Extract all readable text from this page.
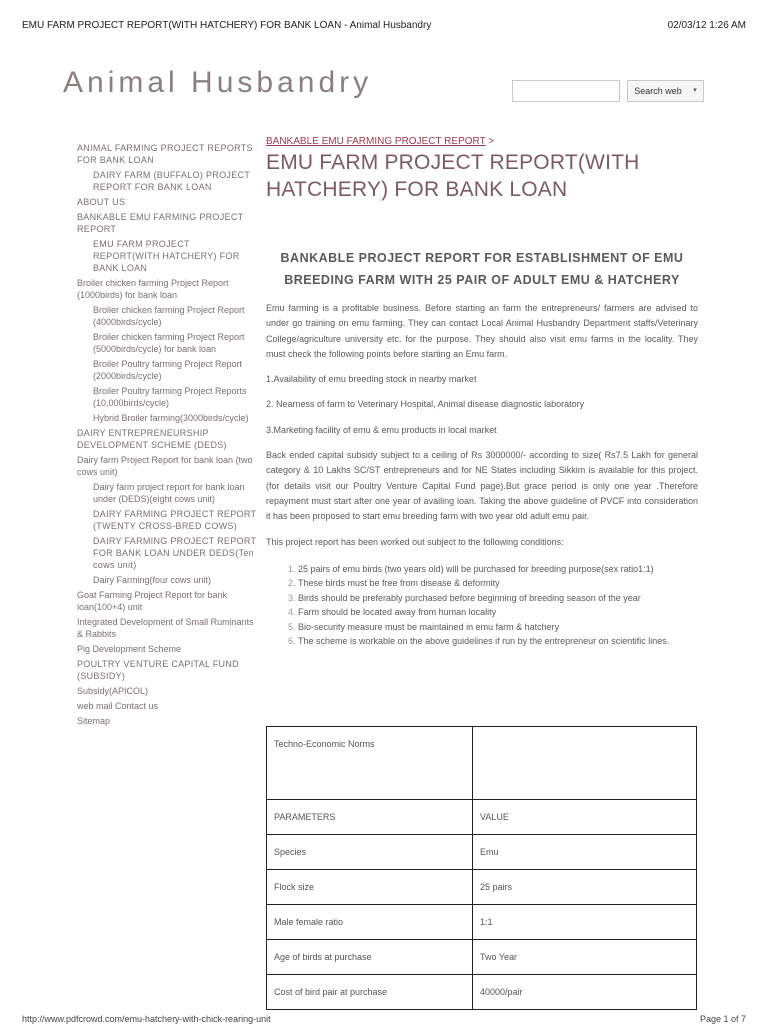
EMU FARM PROJECT REPORT(WITH HATCHERY) FOR BANK LOAN - Animal Husbandry	02/03/12 1:26 AM
Animal Husbandry	Search web	▾
ANIMAL FARMING PROJECT REPORTS FOR BANK LOAN
DAIRY FARM (BUFFALO) PROJECT REPORT FOR BANK LOAN
ABOUT US
BANKABLE EMU FARMING PROJECT REPORT
EMU FARM PROJECT REPORT(WITH HATCHERY) FOR BANK LOAN
Broiler chicken farming Project Report (1000birds) for bank loan
Broiler chicken farming Project Report (4000birds/cycle)
Broiler chicken farming Project Report (5000birds/cycle) for bank loan
Broiler Poultry farming Project Report (2000birds/cycle)
Broiler Poultry farming Project Reports (10,000birds/cycle)
Hybrid Broiler farming(3000birds/cycle)
DAIRY ENTREPRENEURSHIP DEVELOPMENT SCHEME (DEDS)
Dairy farm Project Report for bank loan (two cows unit)
Dairy farm project report for bank loan under (DEDS)(eight cows unit)
DAIRY FARMING PROJECT REPORT (TWENTY CROSS-BRED COWS)
DAIRY FARMING PROJECT REPORT FOR BANK LOAN UNDER DEDS(Ten cows unit)
Dairy Farming(four cows unit)
Goat Farming Project Report for bank loan(100+4) unit
Integrated Development of Small Ruminants & Rabbits
Pig Development Scheme
POULTRY VENTURE CAPITAL FUND (SUBSIDY)
Subsidy(APICOL)
web mail Contact us
Sitemap
BANKABLE EMU FARMING PROJECT REPORT >
EMU FARM PROJECT REPORT(WITH HATCHERY) FOR BANK LOAN
BANKABLE PROJECT REPORT FOR ESTABLISHMENT OF EMU BREEDING FARM WITH 25 PAIR OF ADULT EMU & HATCHERY

Emu farming is a profitable business. Before starting an farm the entrepreneurs/ farmers are advised to under go training on emu farming. They can contact Local Animal Husbandry Department staffs/Veterinary College/agriculture university etc. for the purpose. They should also visit emu farms in the locality. They must check the following points before starting an Emu farm.

1.Availability of emu breeding stock in nearby market

2. Nearness of farm to Veterinary Hospital, Animal disease diagnostic laboratory

3.Marketing facility of emu & emu products in local market

Back ended capital subsidy subject to a ceiling of Rs 3000000/- according to size( Rs7.5 Lakh for general category & 10 Lakhs SC/ST entrepreneurs and for NE States including Sikkim is available for this project. (for details visit our Poultry Venture Capital Fund page).But grace period is only one year .Therefore repayment must start after one year of availing loan. Taking the above guideline of PVCF into consideration it has been proposed to start emu breeding farm with two year old adult emu pair.

This project report has been worked out subject to the following conditions:

1. 25 pairs of emu birds (two years old) will be purchased for breeding purpose(sex ratio1:1)
2. These birds must be free from disease & deformity
3. Birds should be preferably purchased before beginning of breeding season of the year
4. Farm should be located away from human locality
5. Bio-security measure must be maintained in emu farm & hatchery
6. The scheme is workable on the above guidelines if run by the entrepreneur on scientific lines.
Techno-Economic Norms	
PARAMETERS	VALUE
Species	Emu
Flock size	25 pairs
Male female ratio	1:1
Age of birds at purchase	Two Year
Cost of bird pair at purchase	40000/pair
http://www.pdfcrowd.com/emu-hatchery-with-chick-rearing-unit	Page 1 of 7
